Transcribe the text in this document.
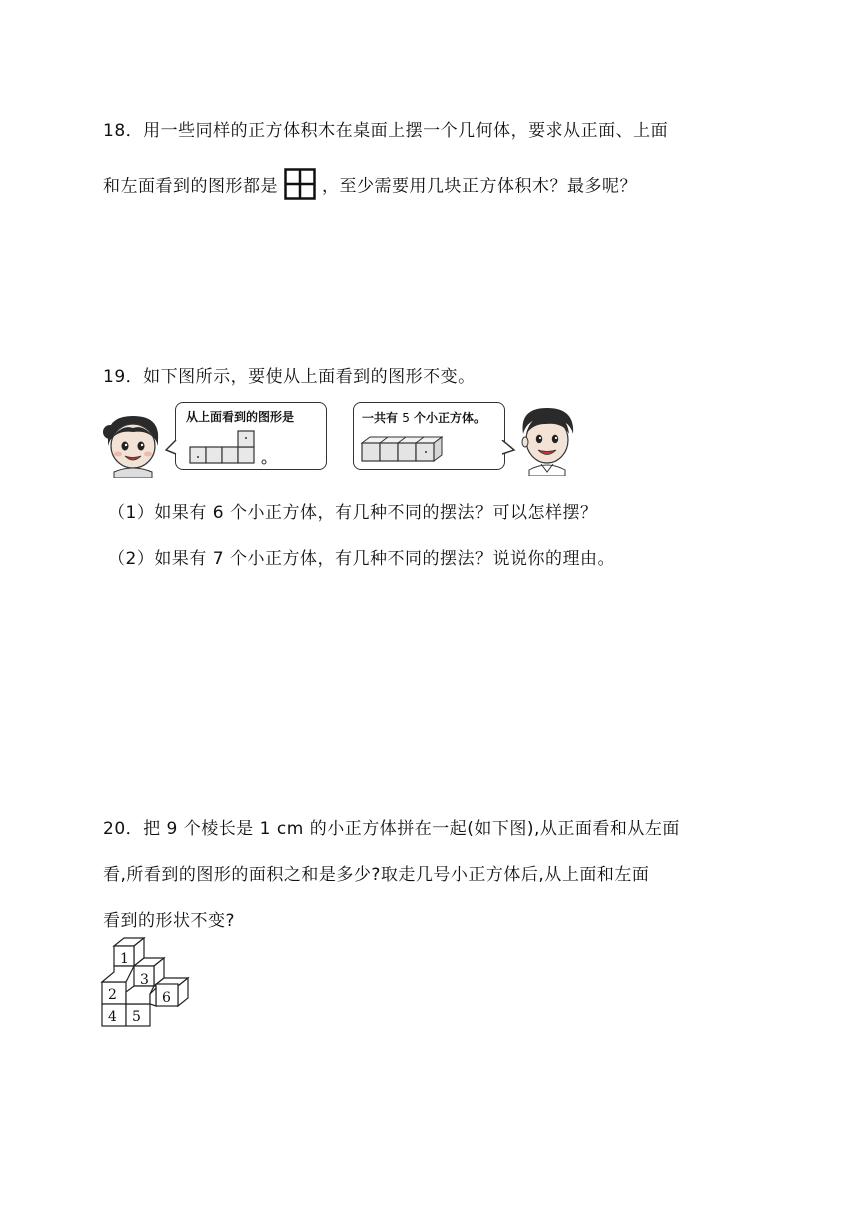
18．用一些同样的正方体积木在桌面上摆一个几何体，要求从正面、上面
和左面看到的图形都是	，至少需要用几块正方体积木？最多呢？
19．如下图所示，要使从上面看到的图形不变。
从上面看到的图形是	一共有 5 个小正方体。
（1）如果有 6 个小正方体，有几种不同的摆法？可以怎样摆？
（2）如果有 7 个小正方体，有几种不同的摆法？说说你的理由。
20．把 9 个棱长是 1 cm 的小正方体拼在一起(如下图),从正面看和从左面
看,所看到的图形的面积之和是多少?取走几号小正方体后,从上面和左面
看到的形状不变?
1
2
3
4 5
6
